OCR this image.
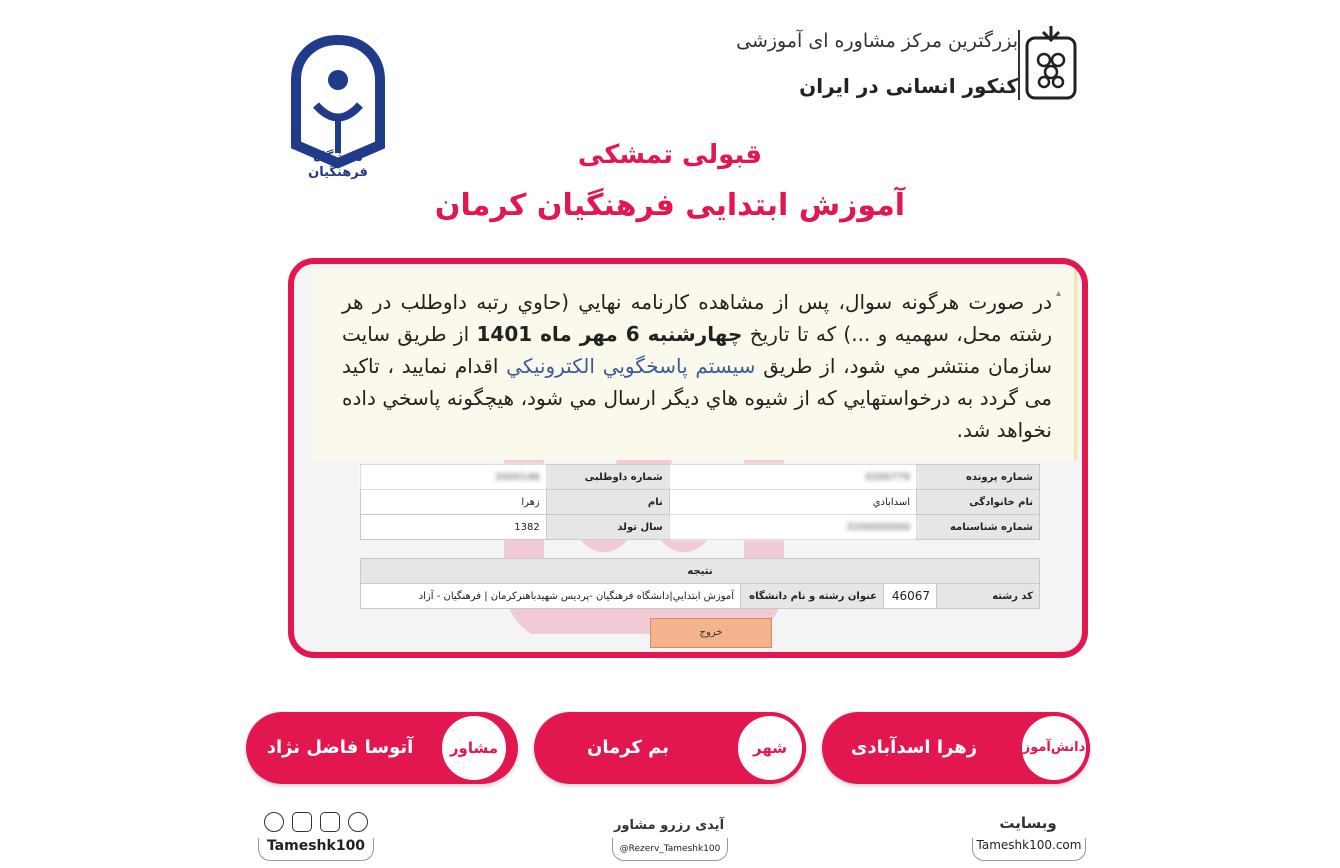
دانشگاه فرهنگیان
بزرگترین مرکز مشاوره ای آموزشی
کنکور انسانی در ایران
قبولی تمشکی
آموزش ابتدایی فرهنگیان کرمان
▴
در صورت هرگونه سوال، پس از مشاهده كارنامه نهايي (حاوي رتبه داوطلب در هر رشته محل، سهميه و ...) كه تا تاريخ چهارشنبه 6 مهر ماه 1401 از طريق سايت سازمان منتشر مي شود، از طريق سيستم پاسخگويي الكترونيكي اقدام نماييد ، تاكيد می گردد به درخواستهايي كه از شيوه هاي ديگر ارسال مي شود، هيچگونه پاسخي داده نخواهد شد.
شماره پرونده	0200779	شماره داوطلبی	2000146
نام خانوادگی	اسدابادي	نام	زهرا
شماره شناسنامه	3200000000	سال تولد	1382
نتيجه
کد رشته	46067	عنوان رشته و نام دانشگاه	آموزش ابتدايي|دانشگاه فرهنگيان -پرديس شهيدباهنركرمان | فرهنگيان - آزاد
خروج
زهرا اسدآبادی	دانش‌آموز
بم کرمان	شهر
آتوسا فاضل نژاد	مشاور
وبسایت
Tameshk100.com
آیدی رزرو مشاور
@Rezerv_Tameshk100
Tameshk100
